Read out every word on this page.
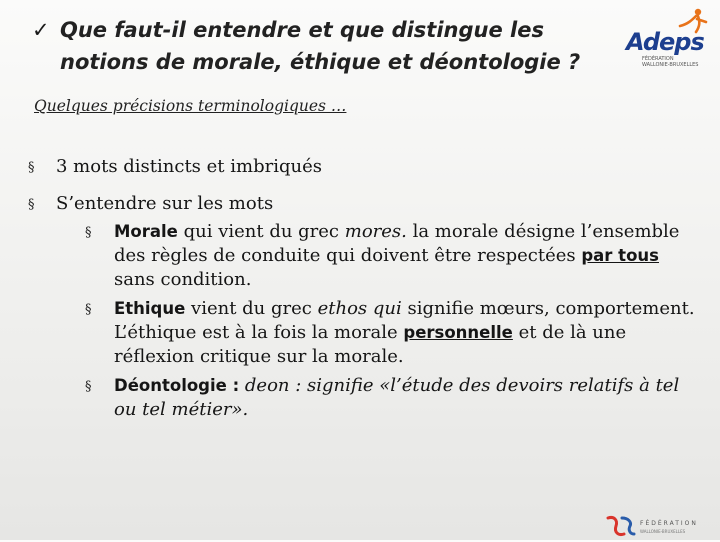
✓ Que faut-il entendre et que distingue les notions de morale, éthique et déontologie ?
Adeps
FÉDÉRATION WALLONIE-BRUXELLES
Quelques précisions terminologiques …
§ 3 mots distincts et imbriqués
§ S’entendre sur les mots
§ Morale qui vient du grec mores. la morale désigne l’ensemble des règles de conduite qui doivent être respectées par tous sans condition.
§ Ethique vient du grec ethos qui signifie mœurs, comportement. L’éthique est à la fois la morale personnelle et de là une réflexion critique sur la morale.
§ Déontologie : deon : signifie «l’étude des devoirs relatifs à tel ou tel métier».
FÉDÉRATION
WALLONIE-BRUXELLES
